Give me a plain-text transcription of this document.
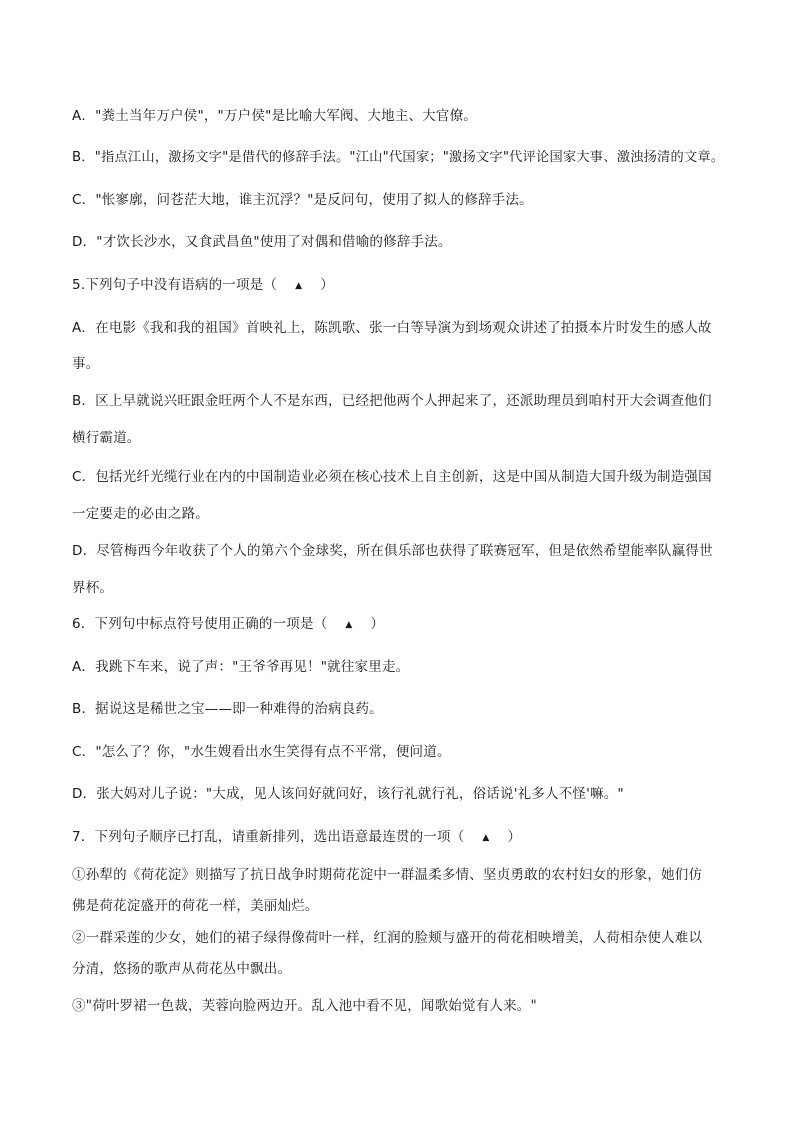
A．"粪土当年万户侯"，"万户侯"是比喻大军阀、大地主、大官僚。
B．"指点江山，激扬文字"是借代的修辞手法。"江山"代国家；"激扬文字"代评论国家大事、激浊扬清的文章。
C．"怅寥廓，问苍茫大地，谁主沉浮？"是反问句，使用了拟人的修辞手法。
D．"才饮长沙水，又食武昌鱼"使用了对偶和借喻的修辞手法。
5.下列句子中没有语病的一项是（ ▲ ）
A．在电影《我和我的祖国》首映礼上，陈凯歌、张一白等导演为到场观众讲述了拍摄本片时发生的感人故
事。
B．区上早就说兴旺跟金旺两个人不是东西，已经把他两个人押起来了，还派助理员到咱村开大会调查他们
横行霸道。
C．包括光纤光缆行业在内的中国制造业必须在核心技术上自主创新，这是中国从制造大国升级为制造强国
一定要走的必由之路。
D．尽管梅西今年收获了个人的第六个金球奖，所在俱乐部也获得了联赛冠军，但是依然希望能率队赢得世
界杯。
6．下列句中标点符号使用正确的一项是（ ▲ ）
A．我跳下车来，说了声："王爷爷再见！"就往家里走。
B．据说这是稀世之宝——即一种难得的治病良药。
C．"怎么了？你，"水生嫂看出水生笑得有点不平常，便问道。
D．张大妈对儿子说："大成，见人该问好就问好，该行礼就行礼，俗话说'礼多人不怪'嘛。"
7．下列句子顺序已打乱，请重新排列，选出语意最连贯的一项（ ▲ ）
①孙犁的《荷花淀》则描写了抗日战争时期荷花淀中一群温柔多情、坚贞勇敢的农村妇女的形象，她们仿
佛是荷花淀盛开的荷花一样，美丽灿烂。
②一群采莲的少女，她们的裙子绿得像荷叶一样，红润的脸颊与盛开的荷花相映增美，人荷相杂使人难以
分清，悠扬的歌声从荷花丛中飘出。
③"荷叶罗裙一色裁，芙蓉向脸两边开。乱入池中看不见，闻歌始觉有人来。"
